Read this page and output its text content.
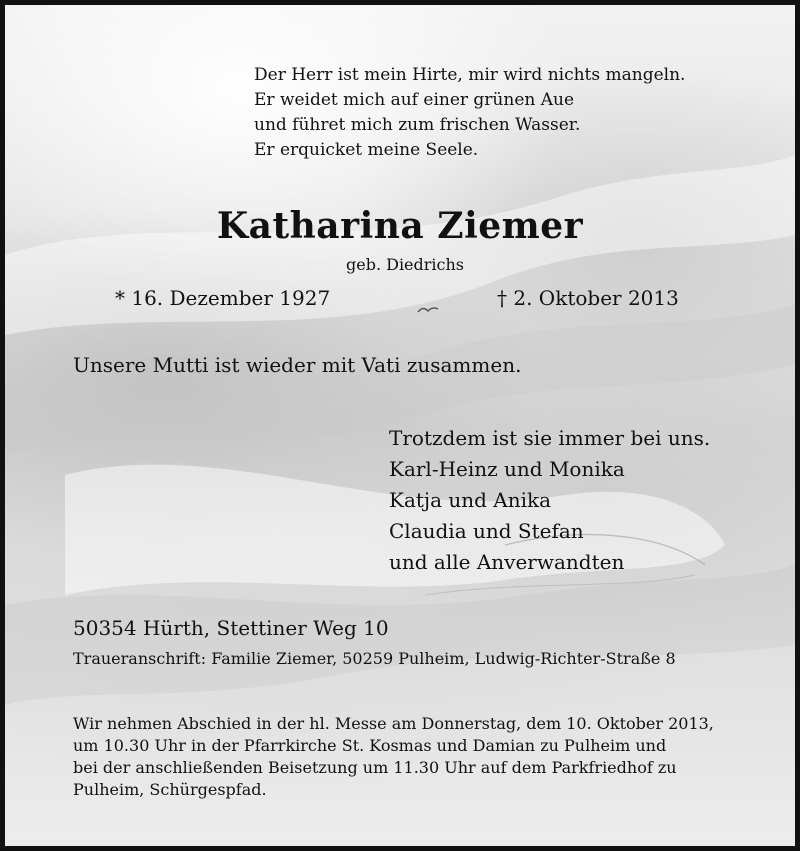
Der Herr ist mein Hirte, mir wird nichts mangeln.
Er weidet mich auf einer grünen Aue
und führet mich zum frischen Wasser.
Er erquicket meine Seele.
Katharina Ziemer
geb. Diedrichs
* 16. Dezember 1927	† 2. Oktober 2013
Unsere Mutti ist wieder mit Vati zusammen.
Trotzdem ist sie immer bei uns.
Karl-Heinz und Monika
Katja und Anika
Claudia und Stefan
und alle Anverwandten
50354 Hürth, Stettiner Weg 10
Traueranschrift: Familie Ziemer, 50259 Pulheim, Ludwig-Richter-Straße 8
Wir nehmen Abschied in der hl. Messe am Donnerstag, dem 10. Oktober 2013,
um 10.30 Uhr in der Pfarrkirche St. Kosmas und Damian zu Pulheim und
bei der anschließenden Beisetzung um 11.30 Uhr auf dem Parkfriedhof zu
Pulheim, Schürgespfad.
